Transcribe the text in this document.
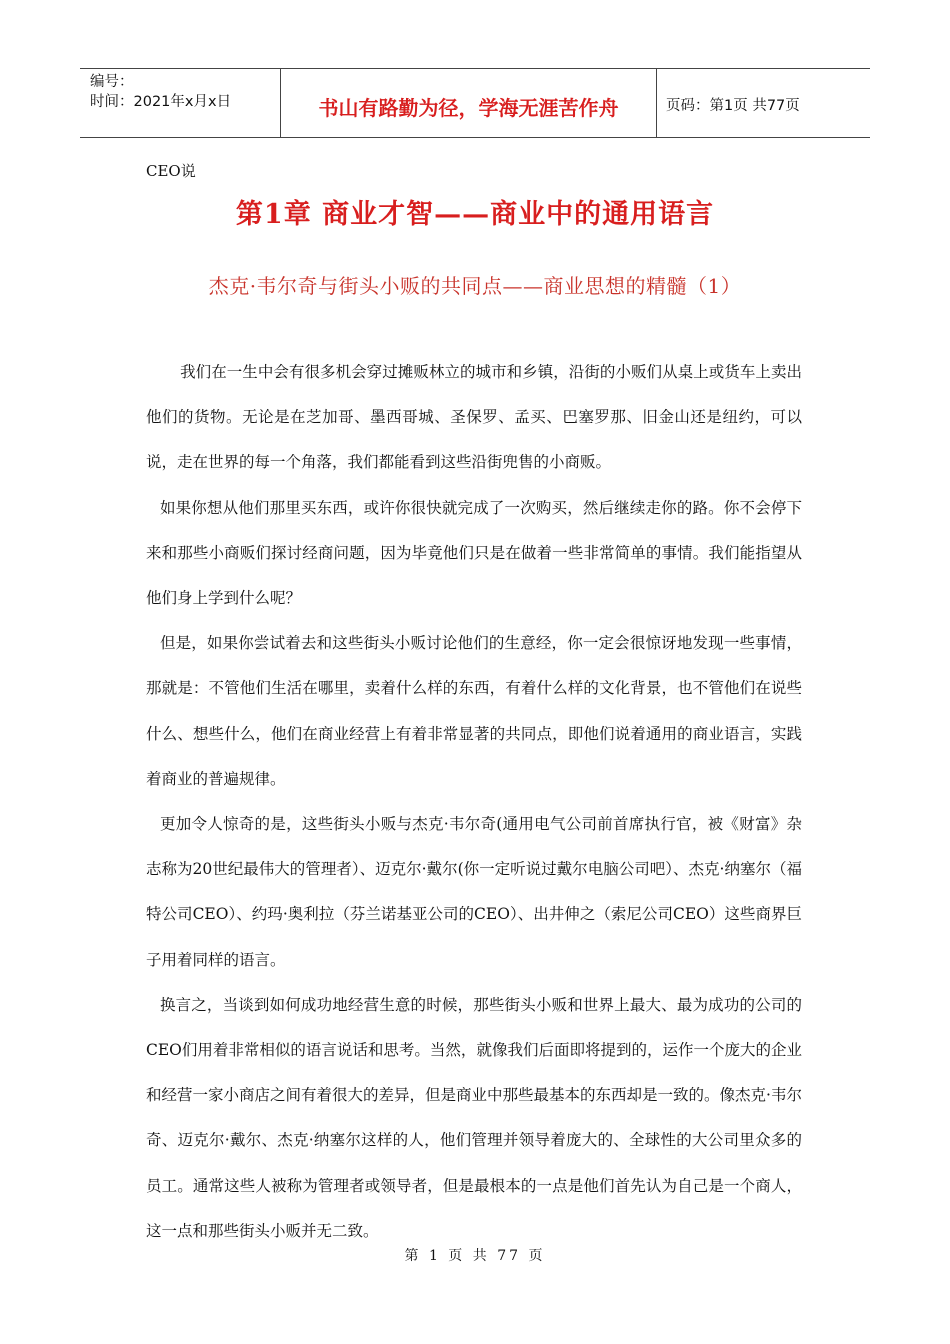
编号：
时间：2021年x月x日	书山有路勤为径，学海无涯苦作舟	页码：第1页 共77页
CEO说
第1章 商业才智——商业中的通用语言
杰克·韦尔奇与街头小贩的共同点——商业思想的精髓（1）

我们在一生中会有很多机会穿过摊贩林立的城市和乡镇，沿街的小贩们从桌上或货车上卖出他们的货物。无论是在芝加哥、墨西哥城、圣保罗、孟买、巴塞罗那、旧金山还是纽约，可以说，走在世界的每一个角落，我们都能看到这些沿街兜售的小商贩。

如果你想从他们那里买东西，或许你很快就完成了一次购买，然后继续走你的路。你不会停下来和那些小商贩们探讨经商问题，因为毕竟他们只是在做着一些非常简单的事情。我们能指望从他们身上学到什么呢？

但是，如果你尝试着去和这些街头小贩讨论他们的生意经，你一定会很惊讶地发现一些事情，那就是：不管他们生活在哪里，卖着什么样的东西，有着什么样的文化背景，也不管他们在说些什么、想些什么，他们在商业经营上有着非常显著的共同点，即他们说着通用的商业语言，实践着商业的普遍规律。

更加令人惊奇的是，这些街头小贩与杰克·韦尔奇(通用电气公司前首席执行官，被《财富》杂志称为20世纪最伟大的管理者）、迈克尔·戴尔(你一定听说过戴尔电脑公司吧）、杰克·纳塞尔（福特公司CEO）、约玛·奥利拉（芬兰诺基亚公司的CEO）、出井伸之（索尼公司CEO）这些商界巨子用着同样的语言。

换言之，当谈到如何成功地经营生意的时候，那些街头小贩和世界上最大、最为成功的公司的CEO们用着非常相似的语言说话和思考。当然，就像我们后面即将提到的，运作一个庞大的企业和经营一家小商店之间有着很大的差异，但是商业中那些最基本的东西却是一致的。像杰克·韦尔奇、迈克尔·戴尔、杰克·纳塞尔这样的人，他们管理并领导着庞大的、全球性的大公司里众多的员工。通常这些人被称为管理者或领导者，但是最根本的一点是他们首先认为自己是一个商人，这一点和那些街头小贩并无二致。

第 1 页 共 77 页
